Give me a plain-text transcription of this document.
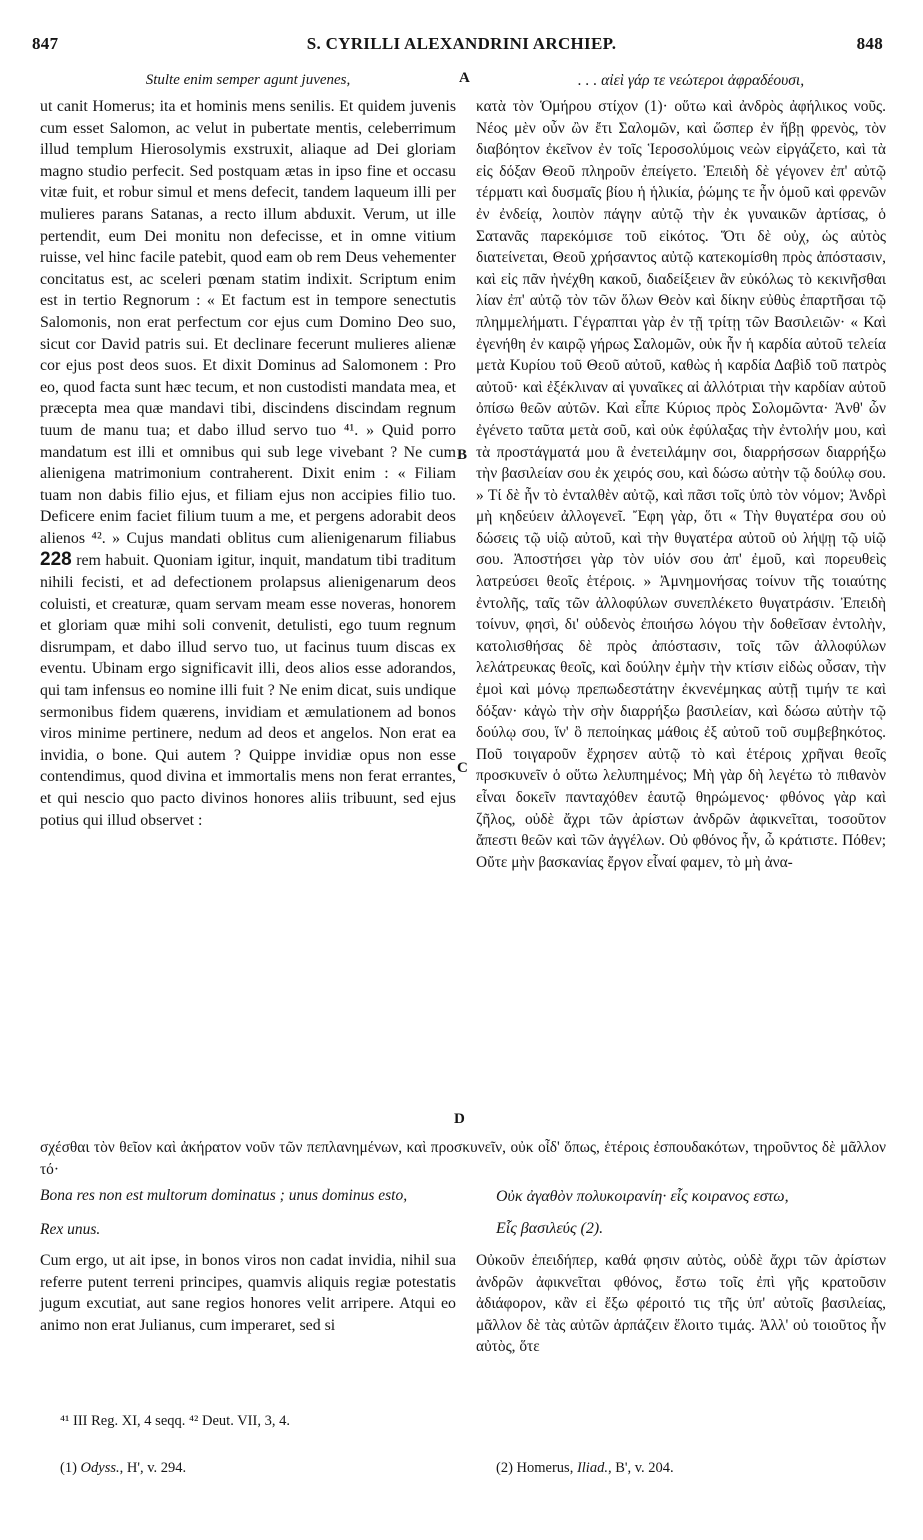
847	S. CYRILLI ALEXANDRINI ARCHIEP.	848
Stulte enim semper agunt juvenes,	. . . αἰεὶ γάρ τε νεώτεροι ἀφραδέουσι,
A
B
C
D

ut canit Homerus; ita et hominis mens senilis. Et quidem juvenis cum esset Salomon, ac velut in pubertate mentis, celeberrimum illud templum Hierosolymis exstruxit, aliaque ad Dei gloriam magno studio perfecit. Sed postquam ætas in ipso fine et occasu vitæ fuit, et robur simul et mens defecit, tandem laqueum illi per mulieres parans Satanas, a recto illum abduxit. Verum, ut ille pertendit, eum Dei monitu non defecisse, et in omne vitium ruisse, vel hinc facile patebit, quod eam ob rem Deus vehementer concitatus est, ac sceleri pœnam statim indixit. Scriptum enim est in tertio Regnorum : « Et factum est in tempore senectutis Salomonis, non erat perfectum cor ejus cum Domino Deo suo, sicut cor David patris sui. Et declinare fecerunt mulieres alienæ cor ejus post deos suos. Et dixit Dominus ad Salomonem : Pro eo, quod facta sunt hæc tecum, et non custodisti mandata mea, et præcepta mea quæ mandavi tibi, discindens discindam regnum tuum de manu tua; et dabo illud servo tuo ⁴¹. » Quid porro mandatum est illi et omnibus qui sub lege vivebant ? Ne cum alienigena matrimonium contraherent. Dixit enim : « Filiam tuam non dabis filio ejus, et filiam ejus non accipies filio tuo. Deficere enim faciet filium tuum a me, et pergens adorabit deos alienos ⁴². » Cujus mandati oblitus cum alienigenarum filiabus 228 rem habuit. Quoniam igitur, inquit, mandatum tibi traditum nihili fecisti, et ad defectionem prolapsus alienigenarum deos coluisti, et creaturæ, quam servam meam esse noveras, honorem et gloriam quæ mihi soli convenit, detulisti, ego tuum regnum disrumpam, et dabo illud servo tuo, ut facinus tuum discas ex eventu. Ubinam ergo significavit illi, deos alios esse adorandos, qui tam infensus eo nomine illi fuit ? Ne enim dicat, suis undique sermonibus fidem quærens, invidiam et æmulationem ad bonos viros minime pertinere, nedum ad deos et angelos. Non erat ea invidia, o bone. Qui autem ? Quippe invidiæ opus non esse contendimus, quod divina et immortalis mens non ferat errantes, et qui nescio quo pacto divinos honores aliis tribuunt, sed ejus potius qui illud observet :

κατὰ τὸν Ὁμήρου στίχον (1)· οὕτω καὶ ἀνδρὸς ἀφήλικος νοῦς. Νέος μὲν οὖν ὢν ἔτι Σαλομῶν, καὶ ὥσπερ ἐν ἥβῃ φρενὸς, τὸν διαβόητον ἐκεῖνον ἐν τοῖς Ἱεροσολύμοις νεὼν εἰργάζετο, καὶ τὰ εἰς δόξαν Θεοῦ πληροῦν ἐπείγετο. Ἐπειδὴ δὲ γέγονεν ἐπ' αὐτῷ τέρματι καὶ δυσμαῖς βίου ἡ ἡλικία, ῥώμης τε ἦν ὁμοῦ καὶ φρενῶν ἐν ἐνδείᾳ, λοιπὸν πάγην αὐτῷ τὴν ἐκ γυναικῶν ἀρτίσας, ὁ Σατανᾶς παρεκόμισε τοῦ εἰκότος. Ὅτι δὲ οὐχ, ὡς αὐτὸς διατείνεται, Θεοῦ χρήσαντος αὐτῷ κατεκομίσθη πρὸς ἀπόστασιν, καὶ εἰς πᾶν ἠνέχθη κακοῦ, διαδείξειεν ἂν εὐκόλως τὸ κεκινῆσθαι λίαν ἐπ' αὐτῷ τὸν τῶν ὅλων Θεὸν καὶ δίκην εὐθὺς ἐπαρτῆσαι τῷ πλημμελήματι. Γέγραπται γὰρ ἐν τῇ τρίτῃ τῶν Βασιλειῶν· « Καὶ ἐγενήθη ἐν καιρῷ γήρως Σαλομῶν, οὐκ ἦν ἡ καρδία αὐτοῦ τελεία μετὰ Κυρίου τοῦ Θεοῦ αὐτοῦ, καθὼς ἡ καρδία Δαβὶδ τοῦ πατρὸς αὐτοῦ· καὶ ἐξέκλιναν αἱ γυναῖκες αἱ ἀλλότριαι τὴν καρδίαν αὐτοῦ ὀπίσω θεῶν αὐτῶν. Καὶ εἶπε Κύριος πρὸς Σολομῶντα· Ἀνθ' ὧν ἐγένετο ταῦτα μετὰ σοῦ, καὶ οὐκ ἐφύλαξας τὴν ἐντολήν μου, καὶ τὰ προστάγματά μου ἃ ἐνετειλάμην σοι, διαρρήσσων διαρρήξω τὴν βασιλείαν σου ἐκ χειρός σου, καὶ δώσω αὐτὴν τῷ δούλῳ σου. » Τί δὲ ἦν τὸ ἐνταλθὲν αὐτῷ, καὶ πᾶσι τοῖς ὑπὸ τὸν νόμον; Ἀνδρὶ μὴ κηδεύειν ἀλλογενεῖ. Ἔφη γὰρ, ὅτι « Τὴν θυγατέρα σου οὐ δώσεις τῷ υἱῷ αὐτοῦ, καὶ τὴν θυγατέρα αὐτοῦ οὐ λήψῃ τῷ υἱῷ σου. Ἀποστήσει γὰρ τὸν υἱόν σου ἀπ' ἐμοῦ, καὶ πορευθεὶς λατρεύσει θεοῖς ἑτέροις. » Ἀμνημονήσας τοίνυν τῆς τοιαύτης ἐντολῆς, ταῖς τῶν ἀλλοφύλων συνεπλέκετο θυγατράσιν. Ἐπειδὴ τοίνυν, φησὶ, δι' οὐδενὸς ἐποιήσω λόγου τὴν δοθεῖσαν ἐντολὴν, κατολισθήσας δὲ πρὸς ἀπόστασιν, τοῖς τῶν ἀλλοφύλων λελάτρευκας θεοῖς, καὶ δούλην ἐμὴν τὴν κτίσιν εἰδὼς οὖσαν, τὴν ἐμοὶ καὶ μόνῳ πρεπωδεστάτην ἐκνενέμηκας αὐτῇ τιμήν τε καὶ δόξαν· κἀγὼ τὴν σὴν διαρρήξω βασιλείαν, καὶ δώσω αὐτὴν τῷ δούλῳ σου, ἵν' ὃ πεποίηκας μάθοις ἐξ αὐτοῦ τοῦ συμβεβηκότος. Ποῦ τοιγαροῦν ἔχρησεν αὐτῷ τὸ καὶ ἑτέροις χρῆναι θεοῖς προσκυνεῖν ὁ οὕτω λελυπημένος; Μὴ γὰρ δὴ λεγέτω τὸ πιθανὸν εἶναι δοκεῖν πανταχόθεν ἑαυτῷ θηρώμενος· φθόνος γὰρ καὶ ζῆλος, οὐδὲ ἄχρι τῶν ἀρίστων ἀνδρῶν ἀφικνεῖται, τοσοῦτον ἄπεστι θεῶν καὶ τῶν ἀγγέλων. Οὐ φθόνος ἦν, ὦ κράτιστε. Πόθεν; Οὔτε μὴν βασκανίας ἔργον εἶναί φαμεν, τὸ μὴ ἀνα-

σχέσθαι τὸν θεῖον καὶ ἀκήρατον νοῦν τῶν πεπλανημένων, καὶ προσκυνεῖν, οὐκ οἶδ' ὅπως, ἑτέροις ἐσπουδακότων, τηροῦντος δὲ μᾶλλον τό·
Bona res non est multorum dominatus ; unus dominus esto,
Rex unus.
Οὐκ ἀγαθὸν πολυκοιρανίη· εἷς κοιρανος εστω,
Εἷς βασιλεύς (2).

Cum ergo, ut ait ipse, in bonos viros non cadat invidia, nihil sua referre putent terreni principes, quamvis aliquis regiæ potestatis jugum excutiat, aut sane regios honores velit arripere. Atqui eo animo non erat Julianus, cum imperaret, sed si

Οὐκοῦν ἐπειδήπερ, καθά φησιν αὐτὸς, οὐδὲ ἄχρι τῶν ἀρίστων ἀνδρῶν ἀφικνεῖται φθόνος, ἔστω τοῖς ἐπὶ γῆς κρατοῦσιν ἀδιάφορον, κἂν εἰ ἔξω φέροιτό τις τῆς ὑπ' αὐτοῖς βασιλείας, μᾶλλον δὲ τὰς αὐτῶν ἁρπάζειν ἕλοιτο τιμάς. Ἀλλ' οὐ τοιοῦτος ἦν αὐτὸς, ὅτε

⁴¹ III Reg. XI, 4 seqq. ⁴² Deut. VII, 3, 4.
(1) Odyss., H', v. 294.	(2) Homerus, Iliad., B', v. 204.
